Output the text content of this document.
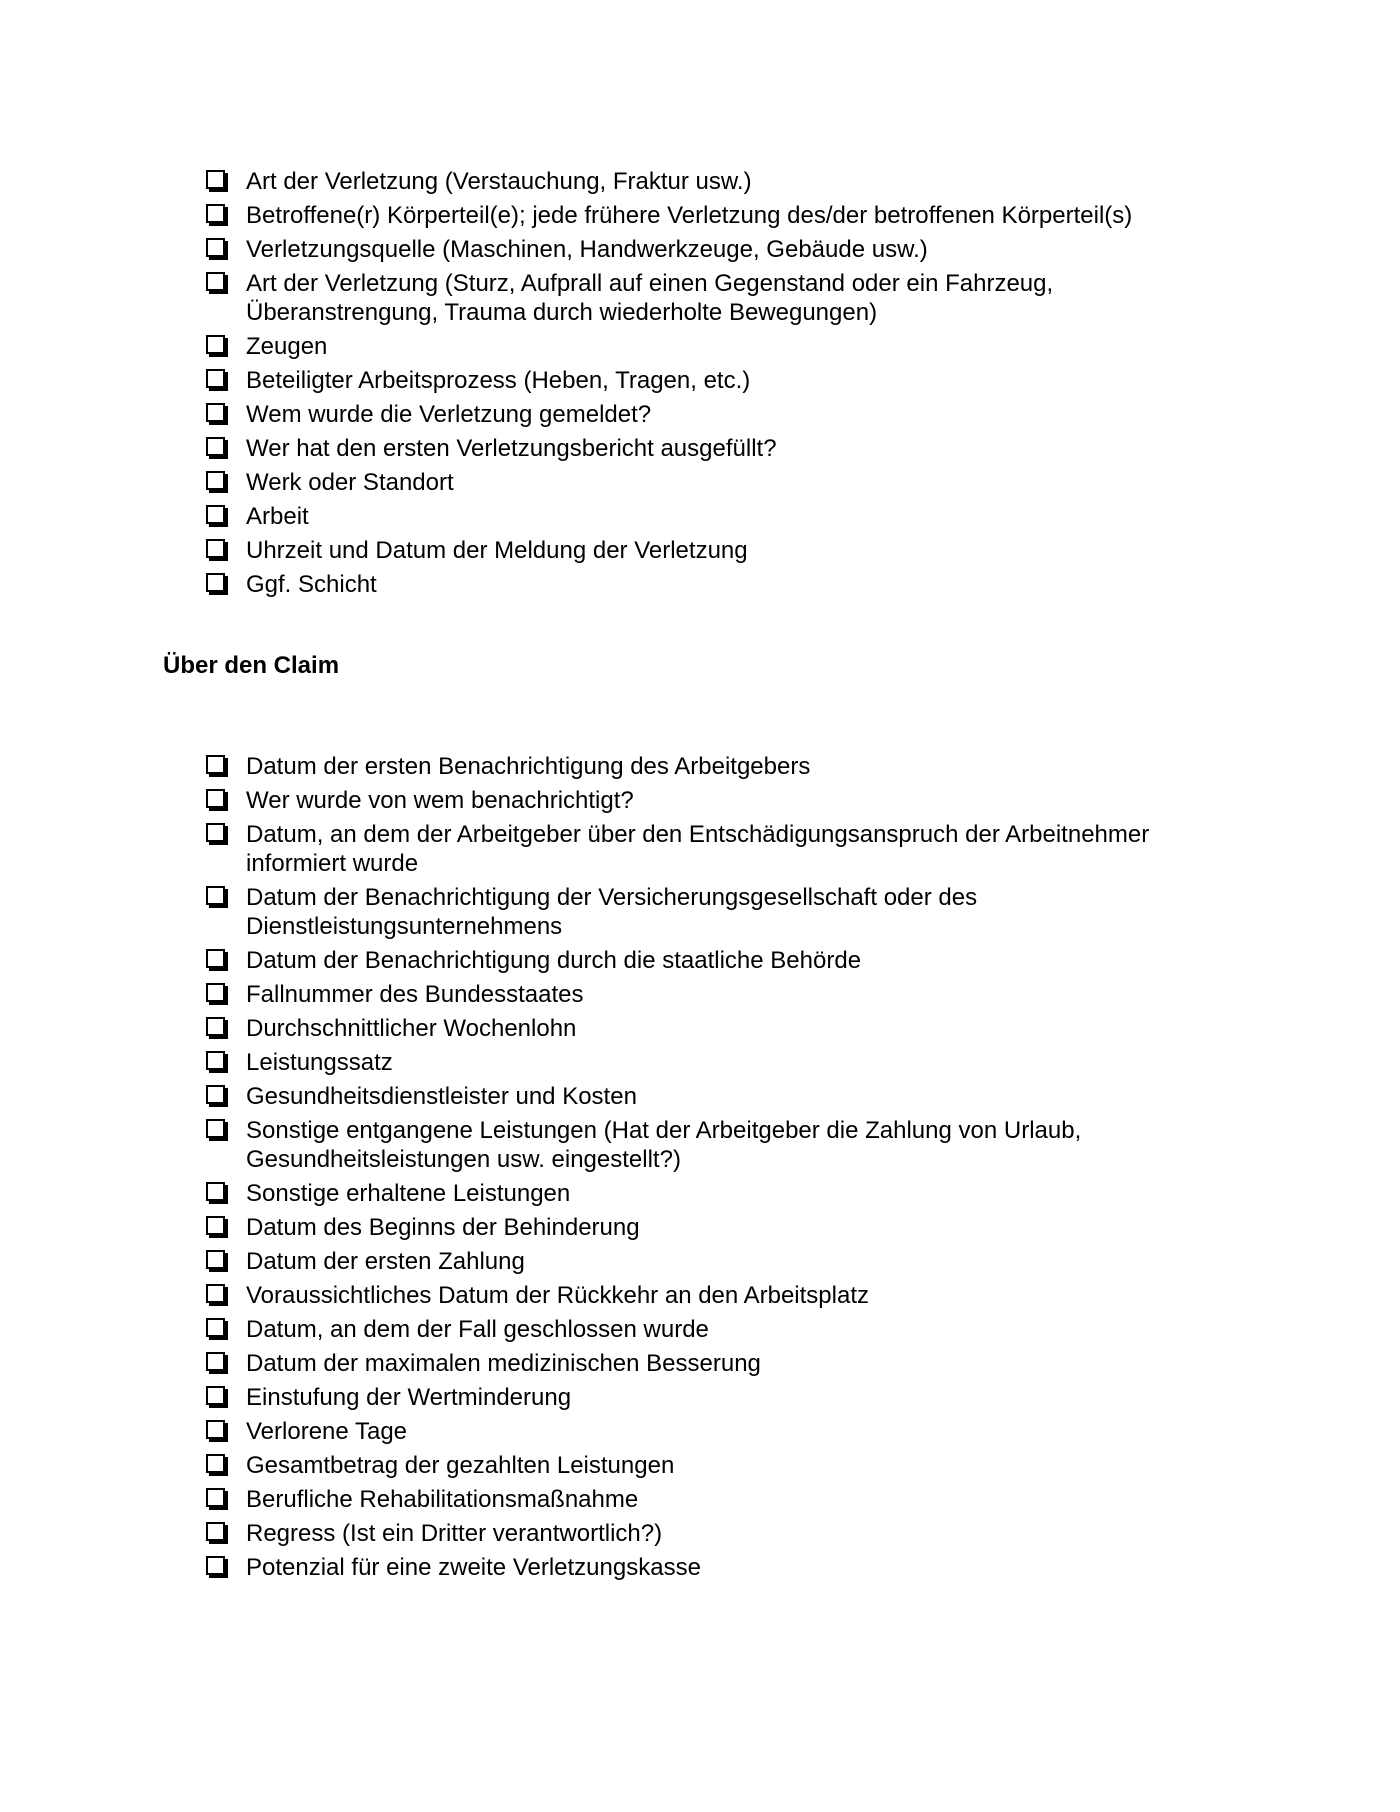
Art der Verletzung (Verstauchung, Fraktur usw.)
Betroffene(r) Körperteil(e); jede frühere Verletzung des/der betroffenen Körperteil(s)
Verletzungsquelle (Maschinen, Handwerkzeuge, Gebäude usw.)
Art der Verletzung (Sturz, Aufprall auf einen Gegenstand oder ein Fahrzeug, Überanstrengung, Trauma durch wiederholte Bewegungen)
Zeugen
Beteiligter Arbeitsprozess (Heben, Tragen, etc.)
Wem wurde die Verletzung gemeldet?
Wer hat den ersten Verletzungsbericht ausgefüllt?
Werk oder Standort
Arbeit
Uhrzeit und Datum der Meldung der Verletzung
Ggf. Schicht
Über den Claim
Datum der ersten Benachrichtigung des Arbeitgebers
Wer wurde von wem benachrichtigt?
Datum, an dem der Arbeitgeber über den Entschädigungsanspruch der Arbeitnehmer informiert wurde
Datum der Benachrichtigung der Versicherungsgesellschaft oder des Dienstleistungsunternehmens
Datum der Benachrichtigung durch die staatliche Behörde
Fallnummer des Bundesstaates
Durchschnittlicher Wochenlohn
Leistungssatz
Gesundheitsdienstleister und Kosten
Sonstige entgangene Leistungen (Hat der Arbeitgeber die Zahlung von Urlaub, Gesundheitsleistungen usw. eingestellt?)
Sonstige erhaltene Leistungen
Datum des Beginns der Behinderung
Datum der ersten Zahlung
Voraussichtliches Datum der Rückkehr an den Arbeitsplatz
Datum, an dem der Fall geschlossen wurde
Datum der maximalen medizinischen Besserung
Einstufung der Wertminderung
Verlorene Tage
Gesamtbetrag der gezahlten Leistungen
Berufliche Rehabilitationsmaßnahme
Regress (Ist ein Dritter verantwortlich?)
Potenzial für eine zweite Verletzungskasse
